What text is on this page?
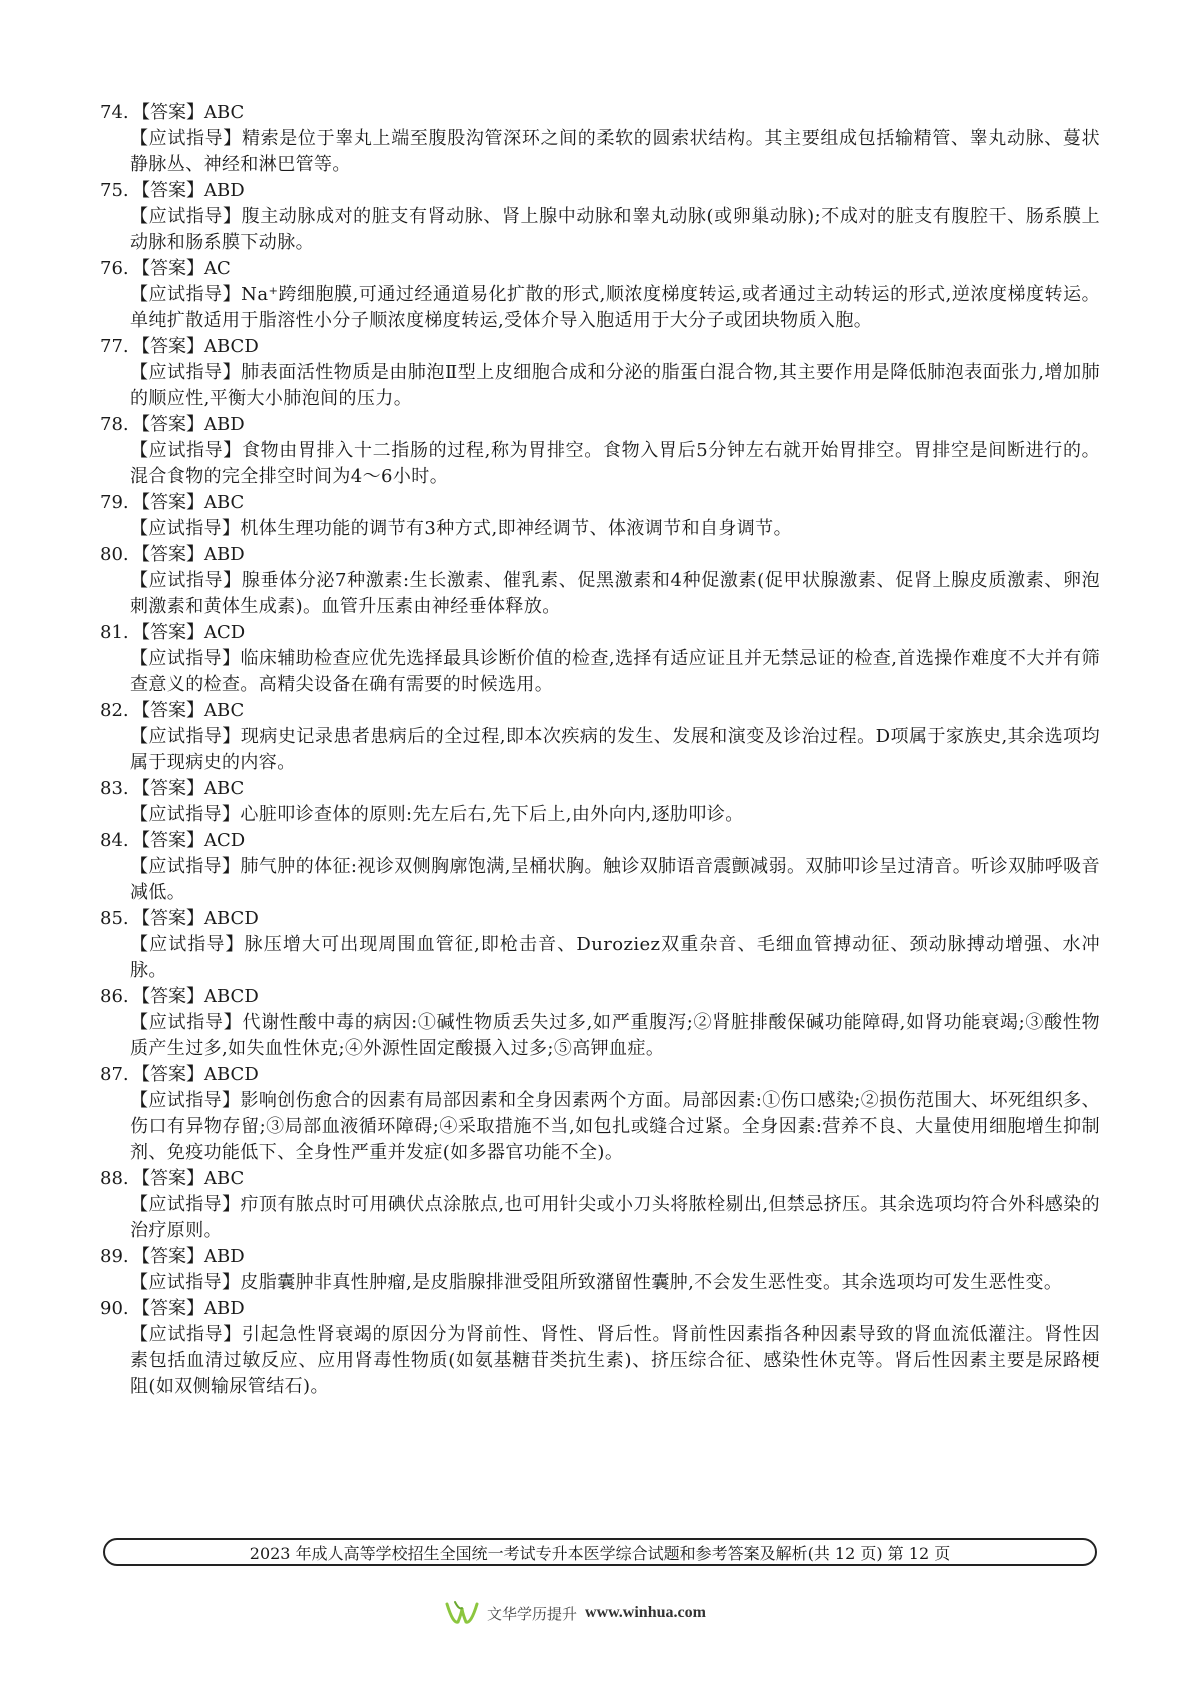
74. 【答案】ABC
【应试指导】精索是位于睾丸上端至腹股沟管深环之间的柔软的圆索状结构。其主要组成包括输精管、睾丸动脉、蔓状静脉丛、神经和淋巴管等。
75. 【答案】ABD
【应试指导】腹主动脉成对的脏支有肾动脉、肾上腺中动脉和睾丸动脉(或卵巢动脉);不成对的脏支有腹腔干、肠系膜上动脉和肠系膜下动脉。
76. 【答案】AC
【应试指导】Na⁺跨细胞膜,可通过经通道易化扩散的形式,顺浓度梯度转运,或者通过主动转运的形式,逆浓度梯度转运。单纯扩散适用于脂溶性小分子顺浓度梯度转运,受体介导入胞适用于大分子或团块物质入胞。
77. 【答案】ABCD
【应试指导】肺表面活性物质是由肺泡Ⅱ型上皮细胞合成和分泌的脂蛋白混合物,其主要作用是降低肺泡表面张力,增加肺的顺应性,平衡大小肺泡间的压力。
78. 【答案】ABD
【应试指导】食物由胃排入十二指肠的过程,称为胃排空。食物入胃后5分钟左右就开始胃排空。胃排空是间断进行的。混合食物的完全排空时间为4～6小时。
79. 【答案】ABC
【应试指导】机体生理功能的调节有3种方式,即神经调节、体液调节和自身调节。
80. 【答案】ABD
【应试指导】腺垂体分泌7种激素:生长激素、催乳素、促黑激素和4种促激素(促甲状腺激素、促肾上腺皮质激素、卵泡刺激素和黄体生成素)。血管升压素由神经垂体释放。
81. 【答案】ACD
【应试指导】临床辅助检查应优先选择最具诊断价值的检查,选择有适应证且并无禁忌证的检查,首选操作难度不大并有筛查意义的检查。高精尖设备在确有需要的时候选用。
82. 【答案】ABC
【应试指导】现病史记录患者患病后的全过程,即本次疾病的发生、发展和演变及诊治过程。D项属于家族史,其余选项均属于现病史的内容。
83. 【答案】ABC
【应试指导】心脏叩诊查体的原则:先左后右,先下后上,由外向内,逐肋叩诊。
84. 【答案】ACD
【应试指导】肺气肿的体征:视诊双侧胸廓饱满,呈桶状胸。触诊双肺语音震颤减弱。双肺叩诊呈过清音。听诊双肺呼吸音减低。
85. 【答案】ABCD
【应试指导】脉压增大可出现周围血管征,即枪击音、Duroziez双重杂音、毛细血管搏动征、颈动脉搏动增强、水冲脉。
86. 【答案】ABCD
【应试指导】代谢性酸中毒的病因:①碱性物质丢失过多,如严重腹泻;②肾脏排酸保碱功能障碍,如肾功能衰竭;③酸性物质产生过多,如失血性休克;④外源性固定酸摄入过多;⑤高钾血症。
87. 【答案】ABCD
【应试指导】影响创伤愈合的因素有局部因素和全身因素两个方面。局部因素:①伤口感染;②损伤范围大、坏死组织多、伤口有异物存留;③局部血液循环障碍;④采取措施不当,如包扎或缝合过紧。全身因素:营养不良、大量使用细胞增生抑制剂、免疫功能低下、全身性严重并发症(如多器官功能不全)。
88. 【答案】ABC
【应试指导】疖顶有脓点时可用碘伏点涂脓点,也可用针尖或小刀头将脓栓剔出,但禁忌挤压。其余选项均符合外科感染的治疗原则。
89. 【答案】ABD
【应试指导】皮脂囊肿非真性肿瘤,是皮脂腺排泄受阻所致潴留性囊肿,不会发生恶性变。其余选项均可发生恶性变。
90. 【答案】ABD
【应试指导】引起急性肾衰竭的原因分为肾前性、肾性、肾后性。肾前性因素指各种因素导致的肾血流低灌注。肾性因素包括血清过敏反应、应用肾毒性物质(如氨基糖苷类抗生素)、挤压综合征、感染性休克等。肾后性因素主要是尿路梗阻(如双侧输尿管结石)。
2023 年成人高等学校招生全国统一考试专升本医学综合试题和参考答案及解析(共 12 页) 第 12 页
文华学历提升 www.winhua.com
